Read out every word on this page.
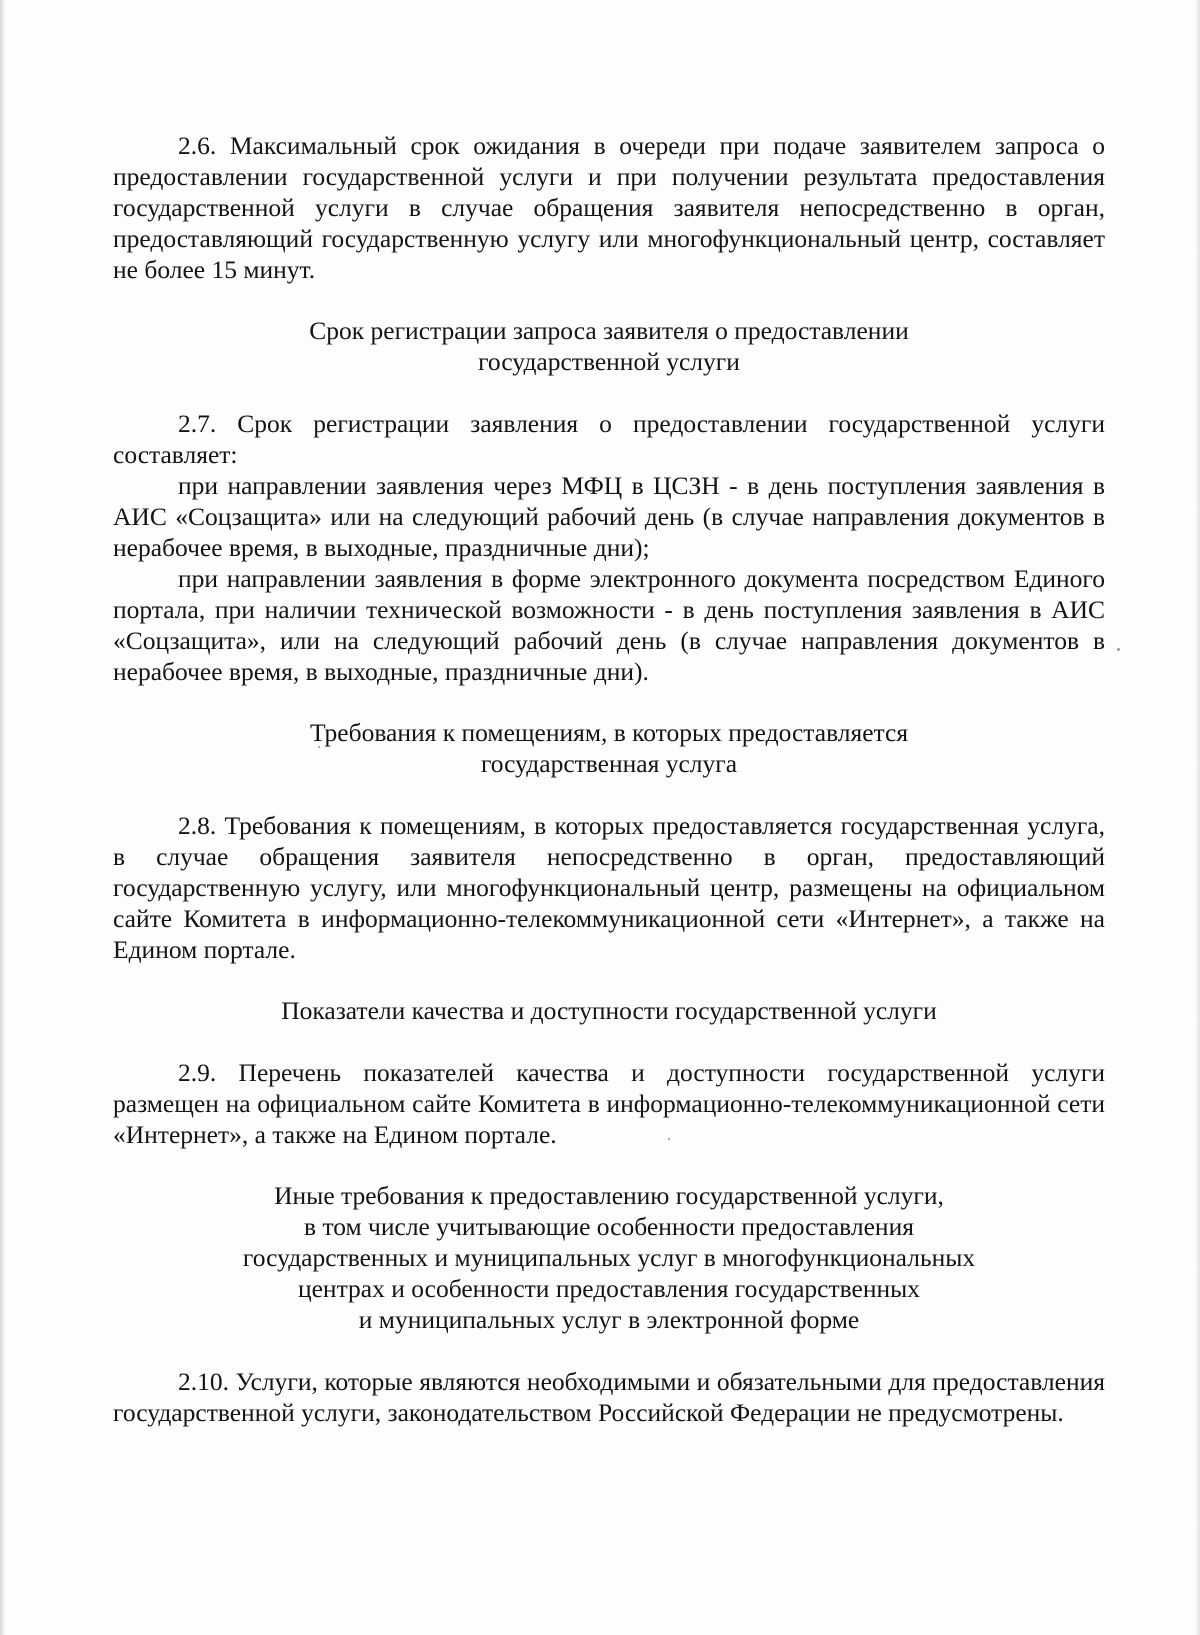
2.6. Максимальный срок ожидания в очереди при подаче заявителем запроса о предоставлении государственной услуги и при получении результата предоставления государственной услуги в случае обращения заявителя непосредственно в орган, предоставляющий государственную услугу или многофункциональный центр, составляет не более 15 минут.

Срок регистрации запроса заявителя о предоставлении
государственной услуги

2.7. Срок регистрации заявления о предоставлении государственной услуги составляет:

при направлении заявления через МФЦ в ЦСЗН - в день поступления заявления в АИС «Соцзащита» или на следующий рабочий день (в случае направления документов в нерабочее время, в выходные, праздничные дни);

при направлении заявления в форме электронного документа посредством Единого портала, при наличии технической возможности - в день поступления заявления в АИС «Соцзащита», или на следующий рабочий день (в случае направления документов в нерабочее время, в выходные, праздничные дни).

Требования к помещениям, в которых предоставляется
государственная услуга

2.8. Требования к помещениям, в которых предоставляется государственная услуга, в случае обращения заявителя непосредственно в орган, предоставляющий государственную услугу, или многофункциональный центр, размещены на официальном сайте Комитета в информационно-телекоммуникационной сети «Интернет», а также на Едином портале.

Показатели качества и доступности государственной услуги

2.9. Перечень показателей качества и доступности государственной услуги размещен на официальном сайте Комитета в информационно-телекоммуникационной сети «Интернет», а также на Едином портале.

Иные требования к предоставлению государственной услуги,
в том числе учитывающие особенности предоставления
государственных и муниципальных услуг в многофункциональных
центрах и особенности предоставления государственных
и муниципальных услуг в электронной форме

2.10. Услуги, которые являются необходимыми и обязательными для предоставления государственной услуги, законодательством Российской Федерации не предусмотрены.
